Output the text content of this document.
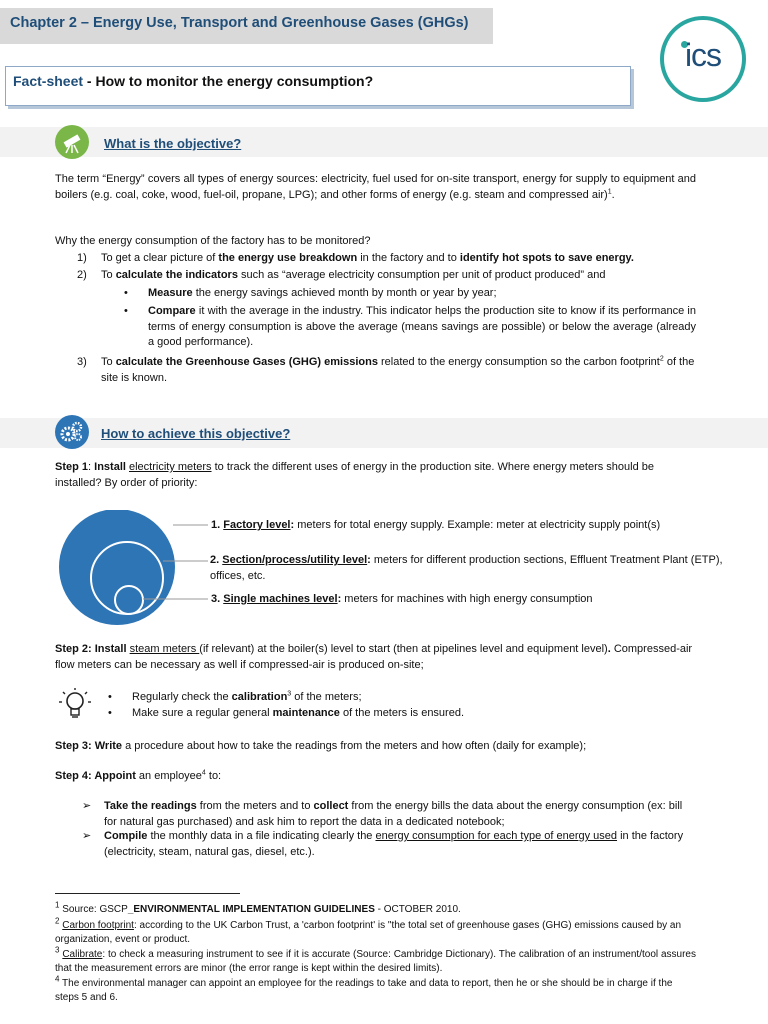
Chapter 2 – Energy Use, Transport and Greenhouse Gases (GHGs)
ics
Fact-sheet - How to monitor the energy consumption?
What is the objective?

The term “Energy” covers all types of energy sources: electricity, fuel used for on-site transport, energy for supply to equipment and boilers (e.g. coal, coke, wood, fuel-oil, propane, LPG); and other forms of energy (e.g. steam and compressed air)$^1$.

Why the energy consumption of the factory has to be monitored?
1) To get a clear picture of the energy use breakdown in the factory and to identify hot spots to save energy.
2) To calculate the indicators such as “average electricity consumption per unit of product produced” and
• Measure the energy savings achieved month by month or year by year;
• Compare it with the average in the industry. This indicator helps the production site to know if its performance in terms of energy consumption is above the average (means savings are possible) or below the average (already a good performance).

3) To calculate the Greenhouse Gases (GHG) emissions related to the energy consumption so the carbon footprint$^2$ of the site is known.
How to achieve this objective?

Step 1: Install electricity meters to track the different uses of energy in the production site. Where energy meters should be installed? By order of priority:

1. Factory level: meters for total energy supply. Example: meter at electricity supply point(s)
2. Section/process/utility level: meters for different production sections, Effluent Treatment Plant (ETP), offices, etc.
3. Single machines level: meters for machines with high energy consumption

Step 2: Install steam meters (if relevant) at the boiler(s) level to start (then at pipelines level and equipment level). Compressed-air flow meters can be necessary as well if compressed-air is produced on-site;

• Regularly check the calibration$^3$ of the meters;
• Make sure a regular general maintenance of the meters is ensured.
Step 3: Write a procedure about how to take the readings from the meters and how often (daily for example);
Step 4: Appoint an employee$^4$ to:
➢ Take the readings from the meters and to collect from the energy bills the data about the energy consumption (ex: bill for natural gas purchased) and ask him to report the data in a dedicated notebook;

➢ Compile the monthly data in a file indicating clearly the energy consumption for each type of energy used in the factory (electricity, steam, natural gas, diesel, etc.).

$^1$ Source: GSCP_ENVIRONMENTAL IMPLEMENTATION GUIDELINES - OCTOBER 2010.

$^2$ Carbon footprint: according to the UK Carbon Trust, a 'carbon footprint' is "the total set of greenhouse gases (GHG) emissions caused by an organization, event or product.

$^3$ Calibrate: to check a measuring instrument to see if it is accurate (Source: Cambridge Dictionary). The calibration of an instrument/tool assures that the measurement errors are minor (the error range is kept within the desired limits).

$^4$ The environmental manager can appoint an employee for the readings to take and data to report, then he or she should be in charge if the steps 5 and 6.
